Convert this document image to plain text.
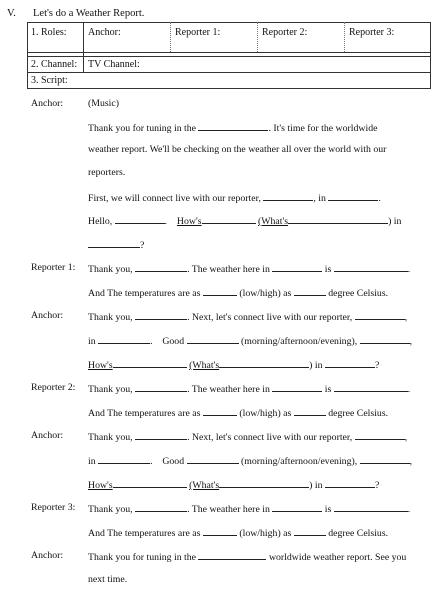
V. Let's do a Weather Report.
1. Roles: Anchor:	Reporter 1:	Reporter 2:	Reporter 3:
2. Channel: TV Channel:
3. Script:
Anchor:	(Music)
Thank you for tuning in the	. It's time for the worldwide
weather report. We'll be checking on the weather all over the world with our
reporters.
First, we will connect live with our reporter,	, in	.
Hello,	.    How's	(What's	) in
?
Reporter 1: Thank you,	. The weather here in	is	.
And The temperatures are as	(low/high) as	degree Celsius.
Anchor:	Thank you,	. Next, let's connect live with our reporter,	,
in	.    Good	(morning/afternoon/evening),	,
How's	(What's	) in	?
Reporter 2: Thank you,	. The weather here in	is	.
And The temperatures are as	(low/high) as	degree Celsius.
Anchor:	Thank you,	. Next, let's connect live with our reporter,	,
in	.    Good	(morning/afternoon/evening),	,
How's	(What's	) in	?
Reporter 3: Thank you,	. The weather here in	is	.
And The temperatures are as	(low/high) as	degree Celsius.
Anchor:	Thank you for tuning in the	worldwide weather report. See you
next time.
